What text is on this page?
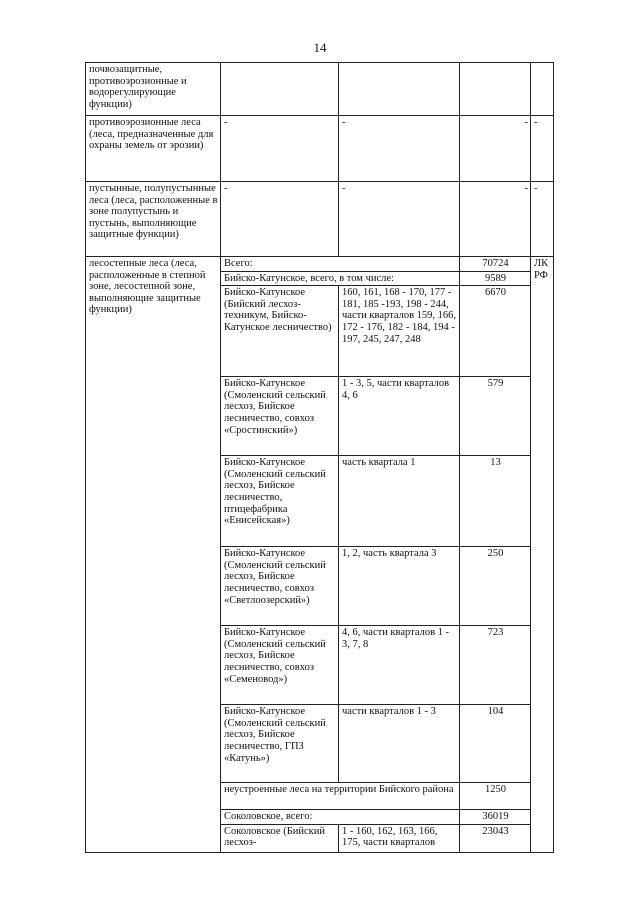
14
почвозащитные, противоэрозионные и водорегулирующие функции)				
противоэрозионные леса (леса, предназначенные для охраны земель от эрозии)	-	-	-	-
пустынные, полупустынные леса (леса, расположенные в зоне полупустынь и пустынь, выполняющие защитные функции)	-	-	-	-
лесостепные леса (леса, расположенные в степной зоне, лесостепной зоне, выполняющие защитные функции)	Всего:		70724	ЛК РФ
	Бийско-Катунское, всего, в том числе:		9589	
	Бийско-Катунское (Бийский лесхоз-техникум, Бийско-Катунское лесничество)	160, 161, 168 - 170, 177 - 181, 185 -193, 198 - 244, части кварталов 159, 166, 172 - 176, 182 - 184, 194 - 197, 245, 247, 248	6670	
	Бийско-Катунское (Смоленский сельский лесхоз, Бийское лесничество, совхоз «Сростинский»)	1 - 3, 5, части кварталов 4, 6	579	
	Бийско-Катунское (Смоленский сельский лесхоз, Бийское лесничество, птицефабрика «Енисейская»)	часть квартала 1	13	
	Бийско-Катунское (Смоленский сельский лесхоз, Бийское лесничество, совхоз «Светлоозерский»)	1, 2, часть квартала 3	250	
	Бийско-Катунское (Смоленский сельский лесхоз, Бийское лесничество, совхоз «Семеновод»)	4, 6, части кварталов 1 - 3, 7, 8	723	
	Бийско-Катунское (Смоленский сельский лесхоз, Бийское лесничество, ГПЗ «Катунь»)	части кварталов 1 - 3	104	
	неустроенные леса на территории Бийского района		1250	
	Соколовское, всего:		36019	
	Соколовское (Бийский лесхоз-	1 - 160, 162, 163, 166, 175, части кварталов	23043	
